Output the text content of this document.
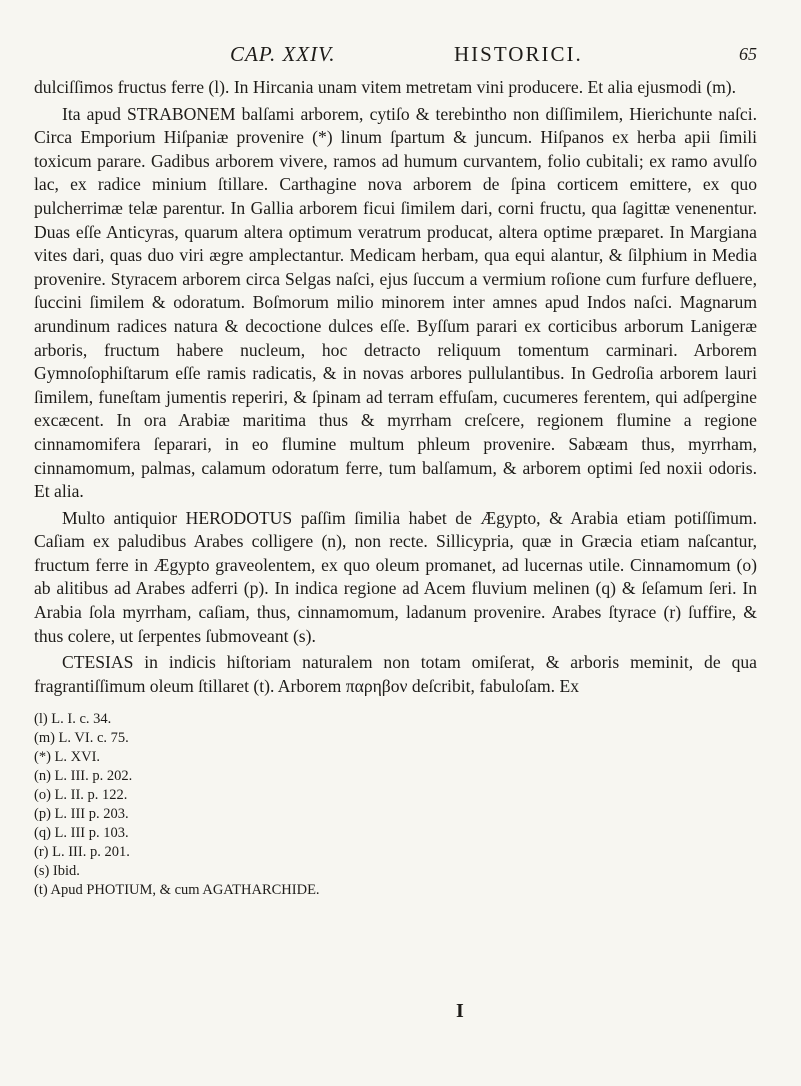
CAP. XXIV.	HISTORICI.	65

dulciſſimos fructus ferre (l). In Hircania unam vitem metretam vini producere. Et alia ejusmodi (m).

Ita apud STRABONEM balſami arborem, cytiſo & terebintho non diſſimilem, Hierichunte naſci. Circa Emporium Hiſpaniæ provenire (*) linum ſpartum & juncum. Hiſpanos ex herba apii ſimili toxicum parare. Gadibus arborem vivere, ramos ad humum curvantem, folio cubitali; ex ramo avulſo lac, ex radice minium ſtillare. Carthagine nova arborem de ſpina corticem emittere, ex quo pulcherrimæ telæ parentur. In Gallia arborem ficui ſimilem dari, corni fructu, qua ſagittæ venenentur. Duas eſſe Anticyras, quarum altera optimum veratrum producat, altera optime præparet. In Margiana vites dari, quas duo viri ægre amplectantur. Medicam herbam, qua equi alantur, & ſilphium in Media provenire. Styracem arborem circa Selgas naſci, ejus ſuccum a vermium roſione cum furfure defluere, ſuccini ſimilem & odoratum. Boſmorum milio minorem inter amnes apud Indos naſci. Magnarum arundinum radices natura & decoctione dulces eſſe. Byſſum parari ex corticibus arborum Lanigeræ arboris, fructum habere nucleum, hoc detracto reliquum tomentum carminari. Arborem Gymnoſophiſtarum eſſe ramis radicatis, & in novas arbores pullulantibus. In Gedroſia arborem lauri ſimilem, funeſtam jumentis reperiri, & ſpinam ad terram effuſam, cucumeres ferentem, qui adſpergine excæcent. In ora Arabiæ maritima thus & myrrham creſcere, regionem flumine a regione cinnamomifera ſeparari, in eo flumine multum phleum provenire. Sabæam thus, myrrham, cinnamomum, palmas, calamum odoratum ferre, tum balſamum, & arborem optimi ſed noxii odoris. Et alia.

Multo antiquior HERODOTUS paſſim ſimilia habet de Ægypto, & Arabia etiam potiſſimum. Caſiam ex paludibus Arabes colligere (n), non recte. Sillicypria, quæ in Græcia etiam naſcantur, fructum ferre in Ægypto graveolentem, ex quo oleum promanet, ad lucernas utile. Cinnamomum (o) ab alitibus ad Arabes adferri (p). In indica regione ad Acem fluvium melinen (q) & ſeſamum ſeri. In Arabia ſola myrrham, caſiam, thus, cinnamomum, ladanum provenire. Arabes ſtyrace (r) ſuffire, & thus colere, ut ſerpentes ſubmoveant (s).

CTESIAS in indicis hiſtoriam naturalem non totam omiſerat, & arboris meminit, de qua fragrantiſſimum oleum ſtillaret (t). Arborem παρηβον deſcribit, fabuloſam. Ex

(l) L. I. c. 34.
(m) L. VI. c. 75.
(*) L. XVI.
(n) L. III. p. 202.
(o) L. II. p. 122.
(p) L. III p. 203.
(q) L. III p. 103.
(r) L. III. p. 201.
(s) Ibid.
(t) Apud PHOTIUM, & cum AGATHARCHIDE.
I
